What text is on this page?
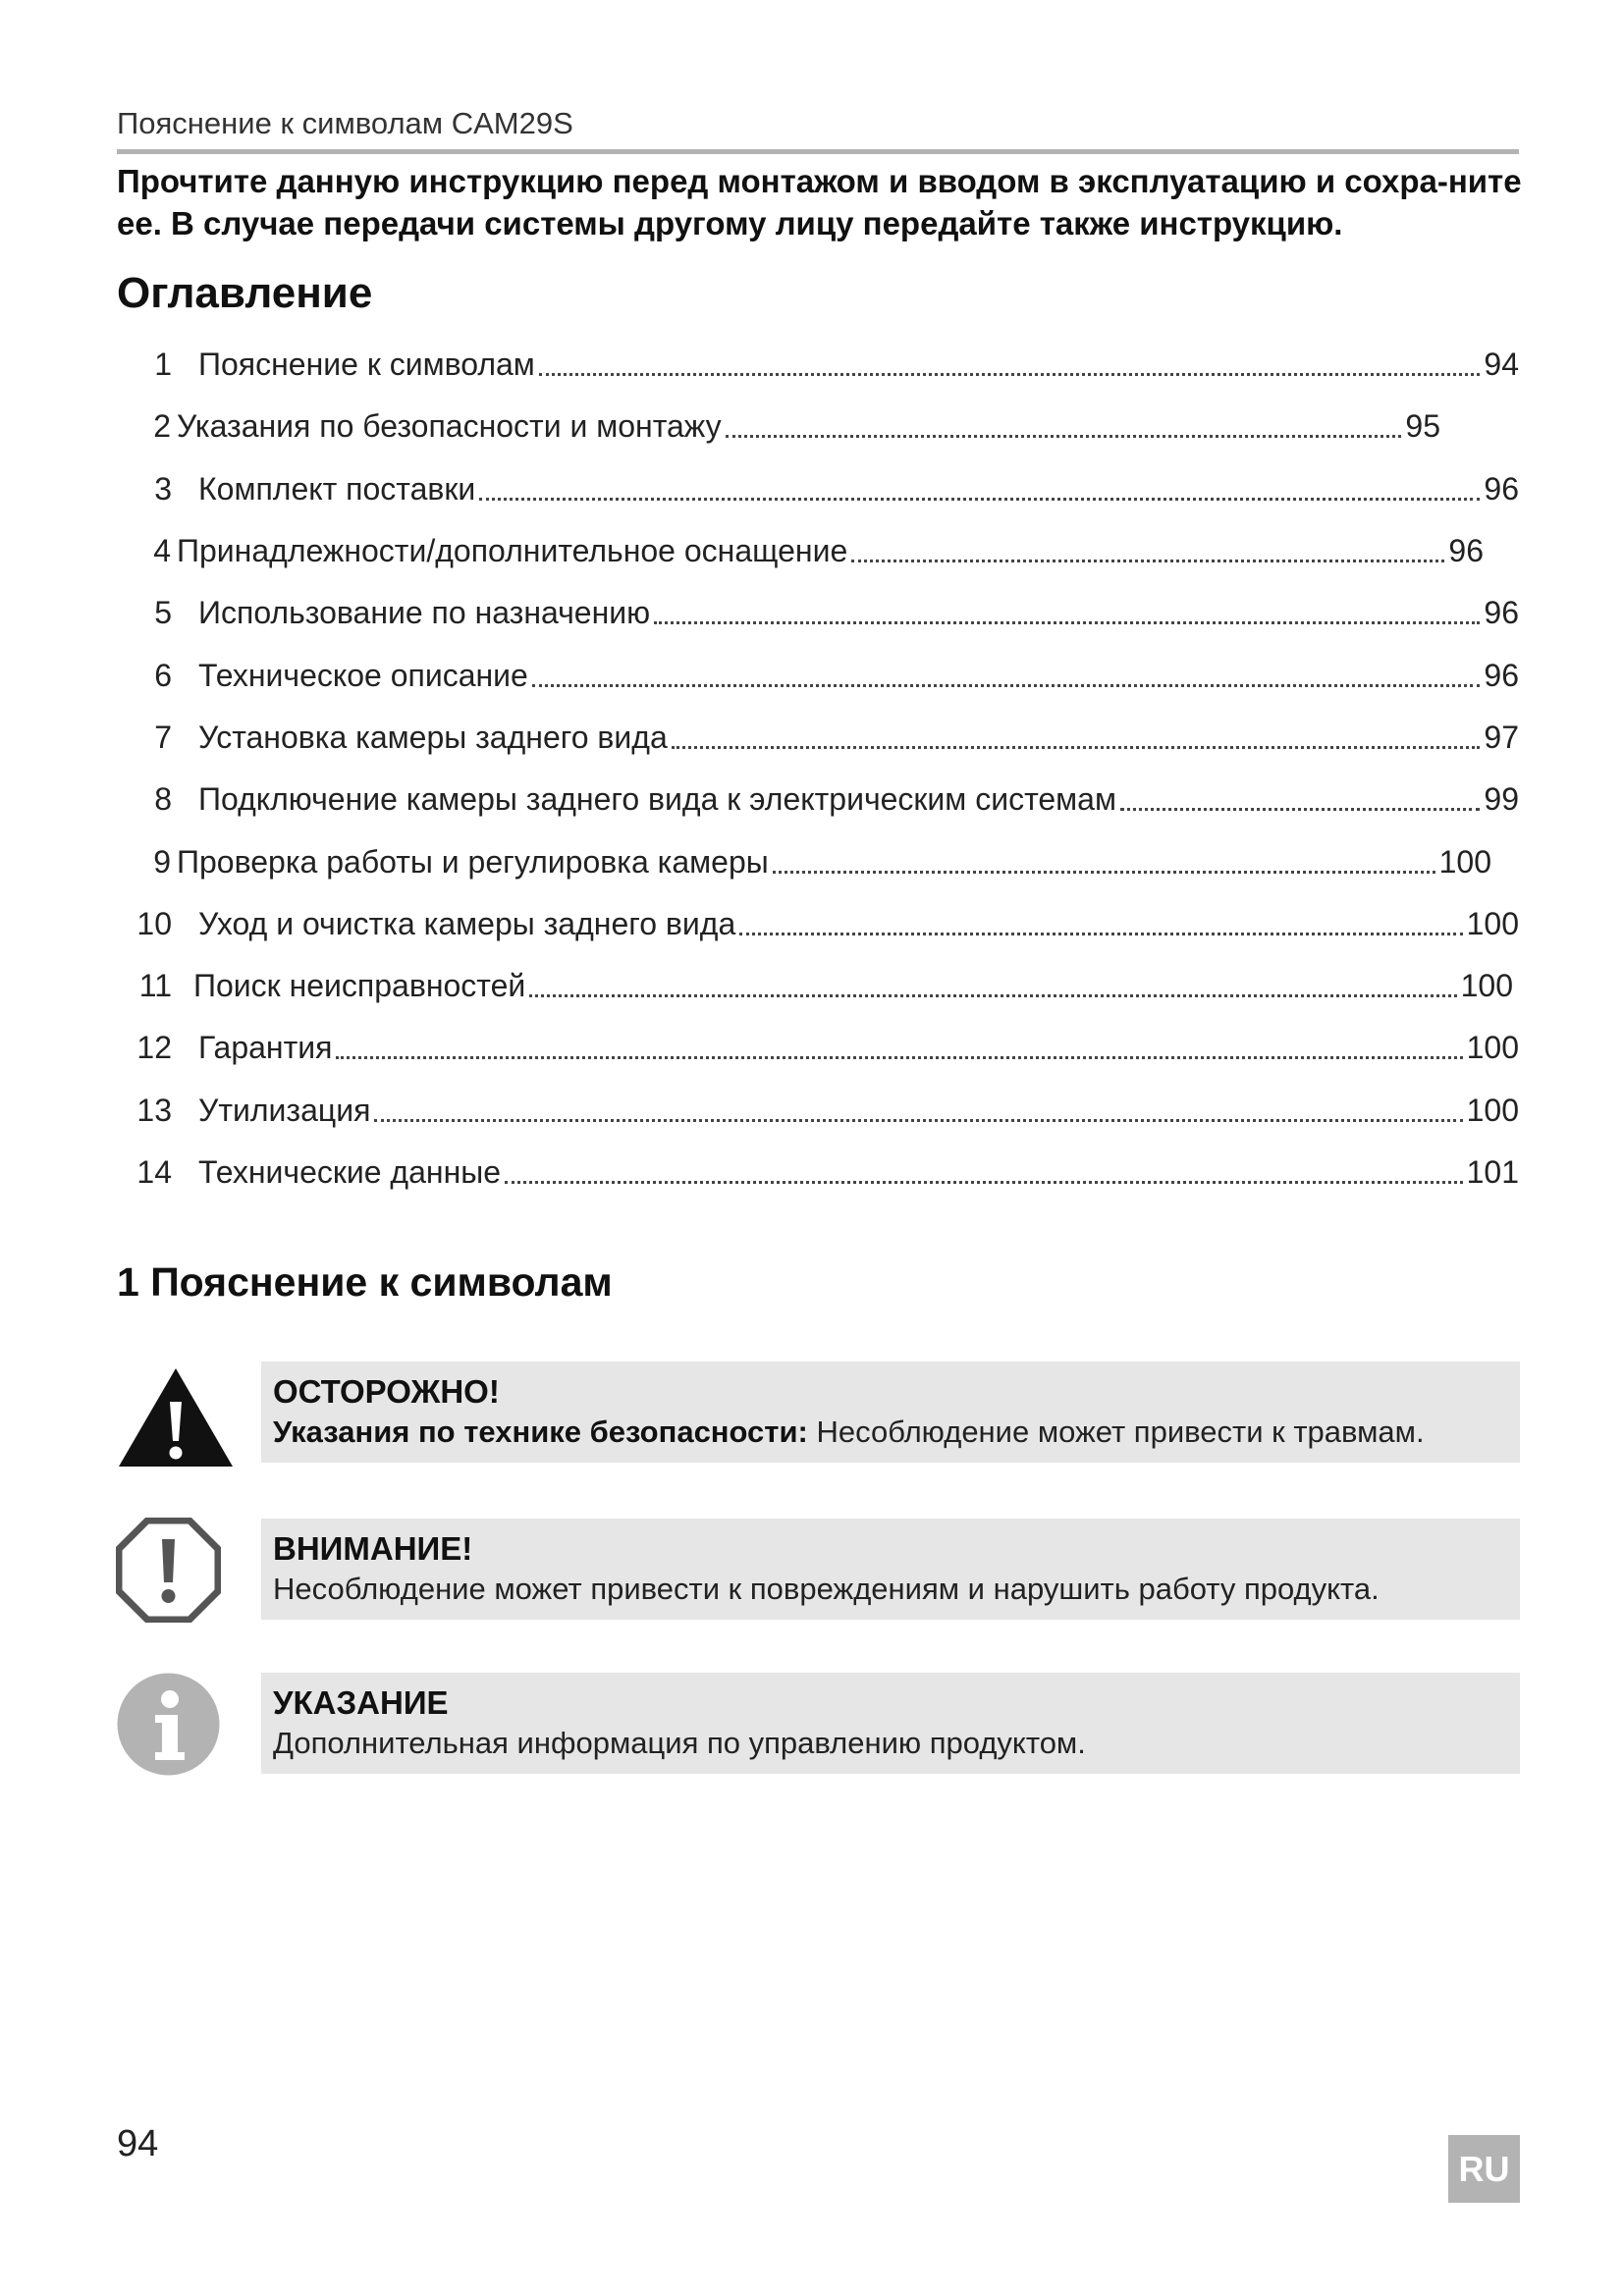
Пояснение к символам CAM29S
Прочтите данную инструкцию перед монтажом и вводом в эксплуатацию и сохра-ните ее. В случае передачи системы другому лицу передайте также инструкцию.
Оглавление
1 Пояснение к символам	94
2 Указания по безопасности и монтажу	95
3 Комплект поставки	96
4 Принадлежности/дополнительное оснащение	96
5 Использование по назначению	96
6 Техническое описание	96
7 Установка камеры заднего вида	97
8 Подключение камеры заднего вида к электрическим системам	99
9 Проверка работы и регулировка камеры	100
10 Уход и очистка камеры заднего вида	100
11 Поиск неисправностей	100
12 Гарантия	100
13 Утилизация	100
14 Технические данные	101
1 Пояснение к символам
ОСТОРОЖНО!
Указания по технике безопасности: Несоблюдение может привести к травмам.
ВНИМАНИЕ!
Несоблюдение может привести к повреждениям и нарушить работу продукта.
УКАЗАНИЕ
Дополнительная информация по управлению продуктом.
94
RU
